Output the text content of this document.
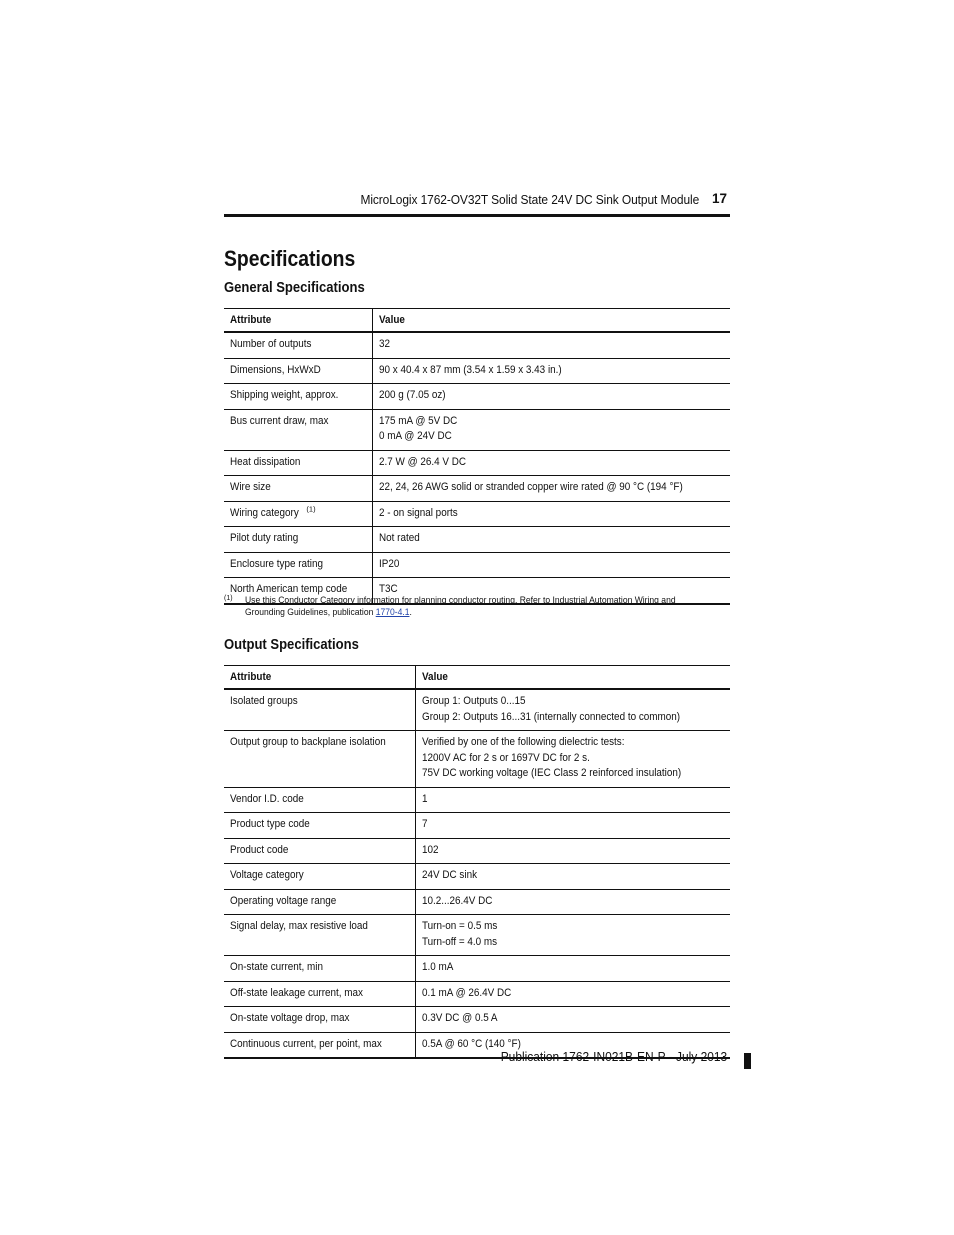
MicroLogix 1762-OV32T Solid State 24V DC Sink Output Module 17
Specifications
General Specifications
Attribute	Value
Number of outputs	32

Dimensions, HxWxD	90 x 40.4 x 87 mm (3.54 x 1.59 x 3.43 in.)

Shipping weight, approx.	200 g (7.05 oz)

Bus current draw, max	175 mA @ 5V DC
0 mA @ 24V DC

Heat dissipation	2.7 W @ 26.4 V DC

Wire size	22, 24, 26 AWG solid or stranded copper wire rated @ 90 °C (194 °F)

Wiring category $^{(1)}$	2 - on signal ports

Pilot duty rating	Not rated

Enclosure type rating	IP20

North American temp code	T3C
(1) Use this Conductor Category information for planning conductor routing. Refer to Industrial Automation Wiring and Grounding Guidelines, publication 1770-4.1.
Output Specifications
Attribute	Value
Isolated groups	Group 1: Outputs 0...15
Group 2: Outputs 16...31 (internally connected to common)

Output group to backplane isolation	Verified by one of the following dielectric tests:
1200V AC for 2 s or 1697V DC for 2 s.
75V DC working voltage (IEC Class 2 reinforced insulation)

Vendor I.D. code	1

Product type code	7

Product code	102

Voltage category	24V DC sink

Operating voltage range	10.2...26.4V DC

Signal delay, max resistive load	Turn-on = 0.5 ms
Turn-off = 4.0 ms

On-state current, min	1.0 mA

Off-state leakage current, max	0.1 mA @ 26.4V DC

On-state voltage drop, max	0.3V DC @ 0.5 A

Continuous current, per point, max	0.5A @ 60 °C (140 °F)
Publication 1762-IN021B-EN-P - July 2013
